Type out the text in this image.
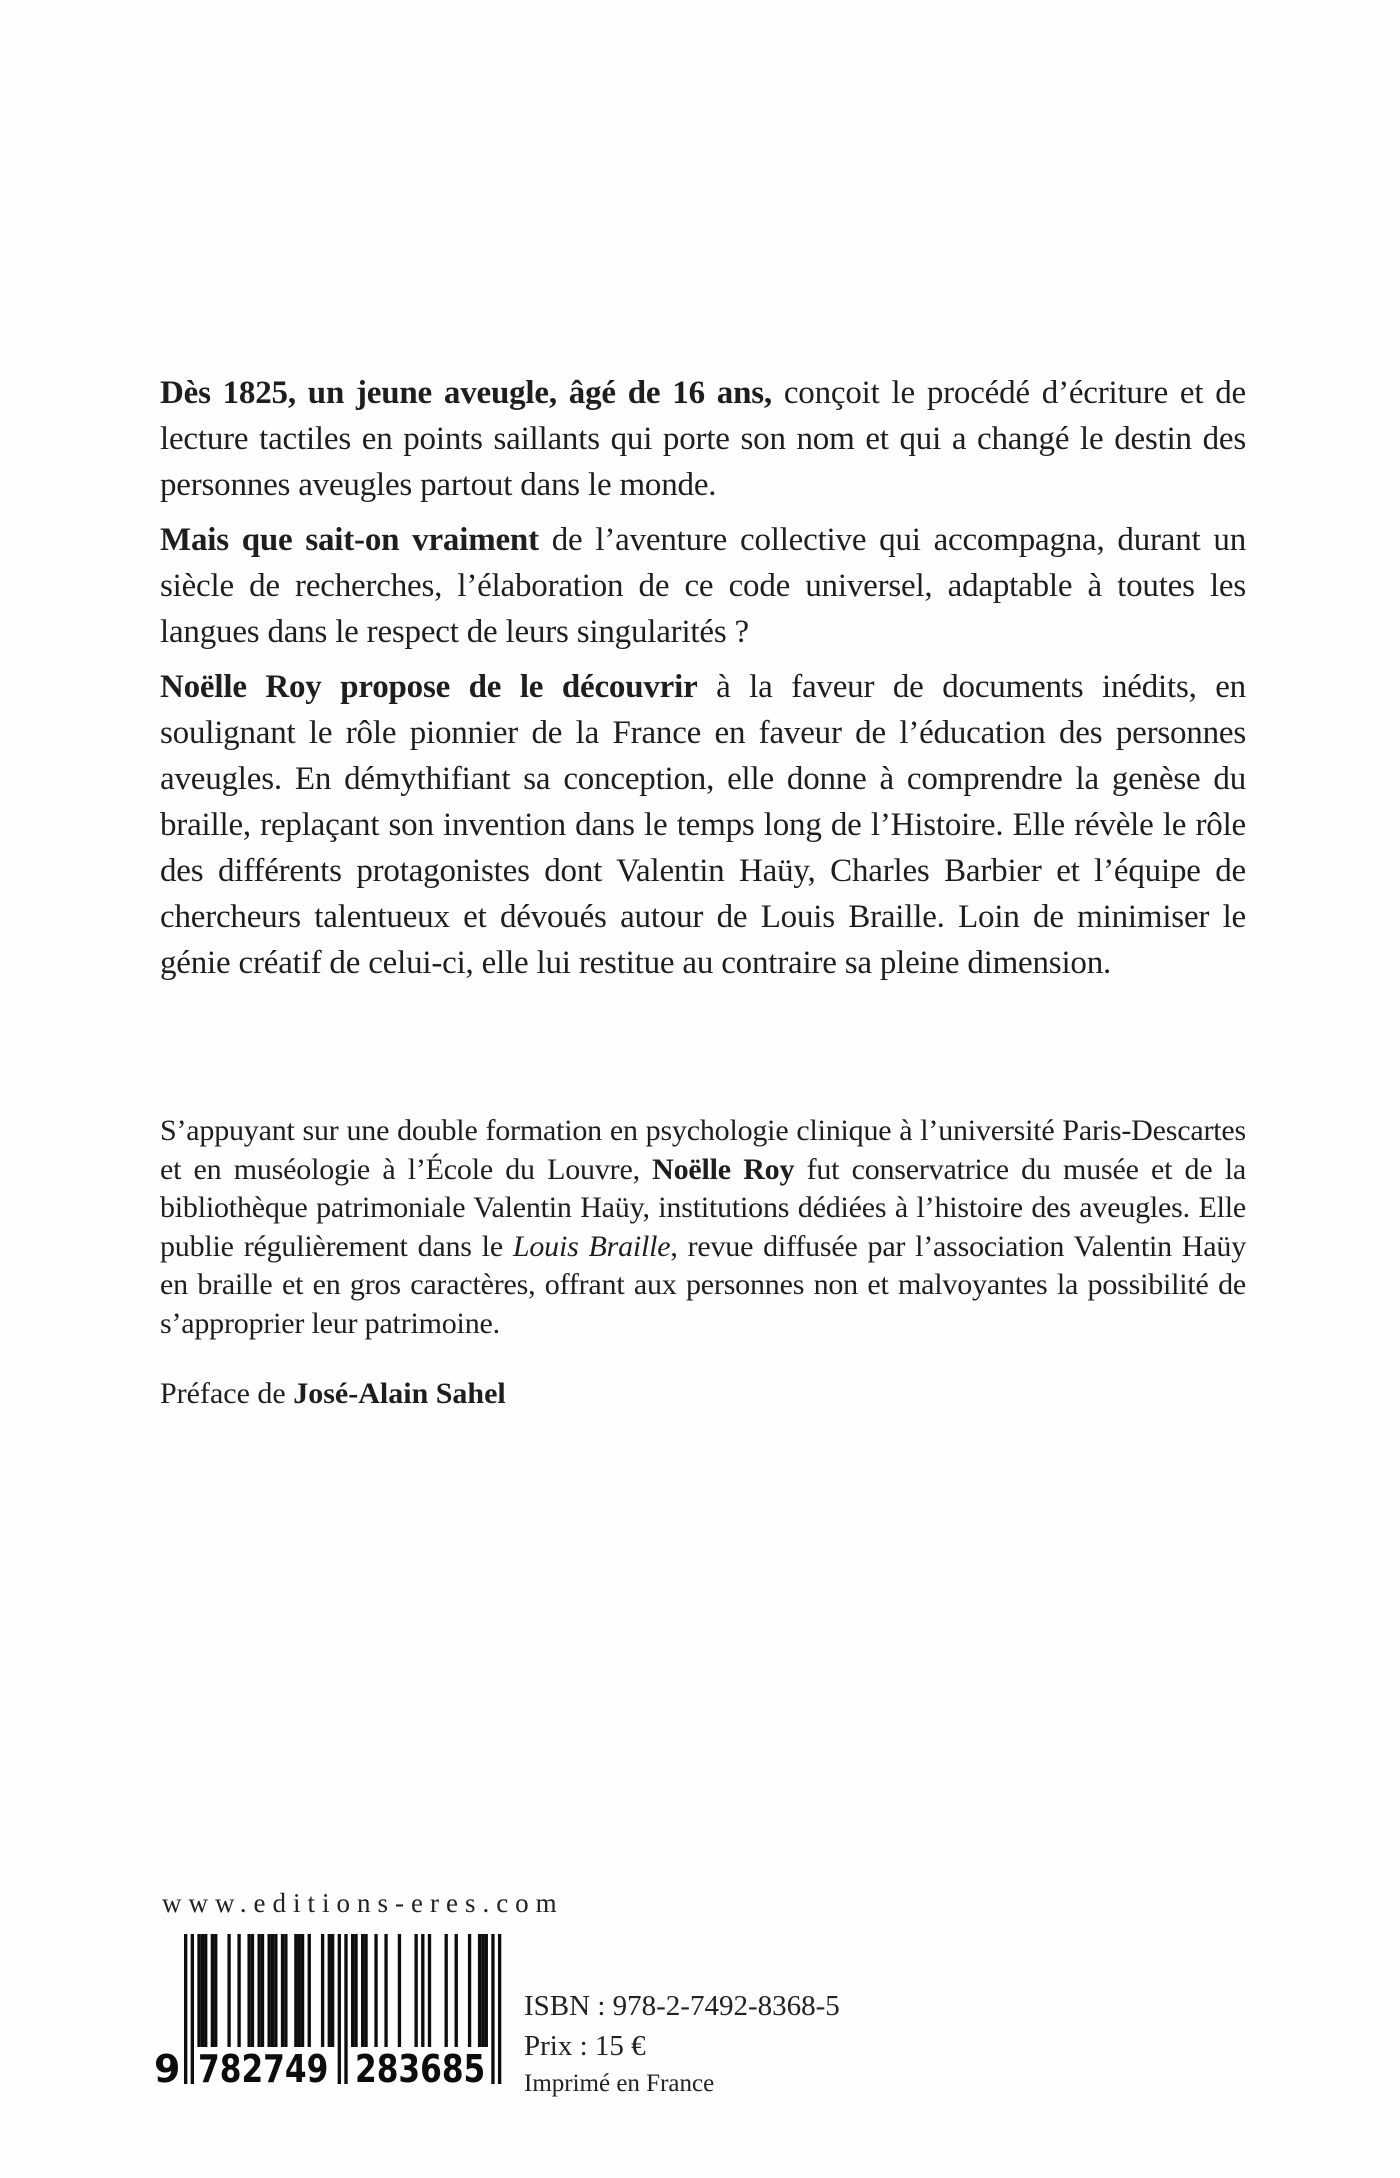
Dès 1825, un jeune aveugle, âgé de 16 ans, conçoit le procédé d’écriture et de lecture tactiles en points saillants qui porte son nom et qui a changé le destin des personnes aveugles partout dans le monde.

Mais que sait-on vraiment de l’aventure collective qui accompagna, durant un siècle de recherches, l’élaboration de ce code universel, adaptable à toutes les langues dans le respect de leurs singularités ?

Noëlle Roy propose de le découvrir à la faveur de documents inédits, en soulignant le rôle pionnier de la France en faveur de l’éducation des personnes aveugles. En démythifiant sa conception, elle donne à comprendre la genèse du braille, replaçant son invention dans le temps long de l’Histoire. Elle révèle le rôle des différents protagonistes dont Valentin Haüy, Charles Barbier et l’équipe de chercheurs talentueux et dévoués autour de Louis Braille. Loin de minimiser le génie créatif de celui-ci, elle lui restitue au contraire sa pleine dimension.

S’appuyant sur une double formation en psychologie clinique à l’université Paris-Descartes et en muséologie à l’École du Louvre, Noëlle Roy fut conservatrice du musée et de la bibliothèque patrimoniale Valentin Haüy, institutions dédiées à l’histoire des aveugles. Elle publie régulièrement dans le Louis Braille, revue diffusée par l’association Valentin Haüy en braille et en gros caractères, offrant aux personnes non et malvoyantes la possibilité de s’approprier leur patrimoine.

Préface de José-Alain Sahel

www.editions-eres.com
9 782749 283685
ISBN : 978-2-7492-8368-5
Prix : 15 €
Imprimé en France
